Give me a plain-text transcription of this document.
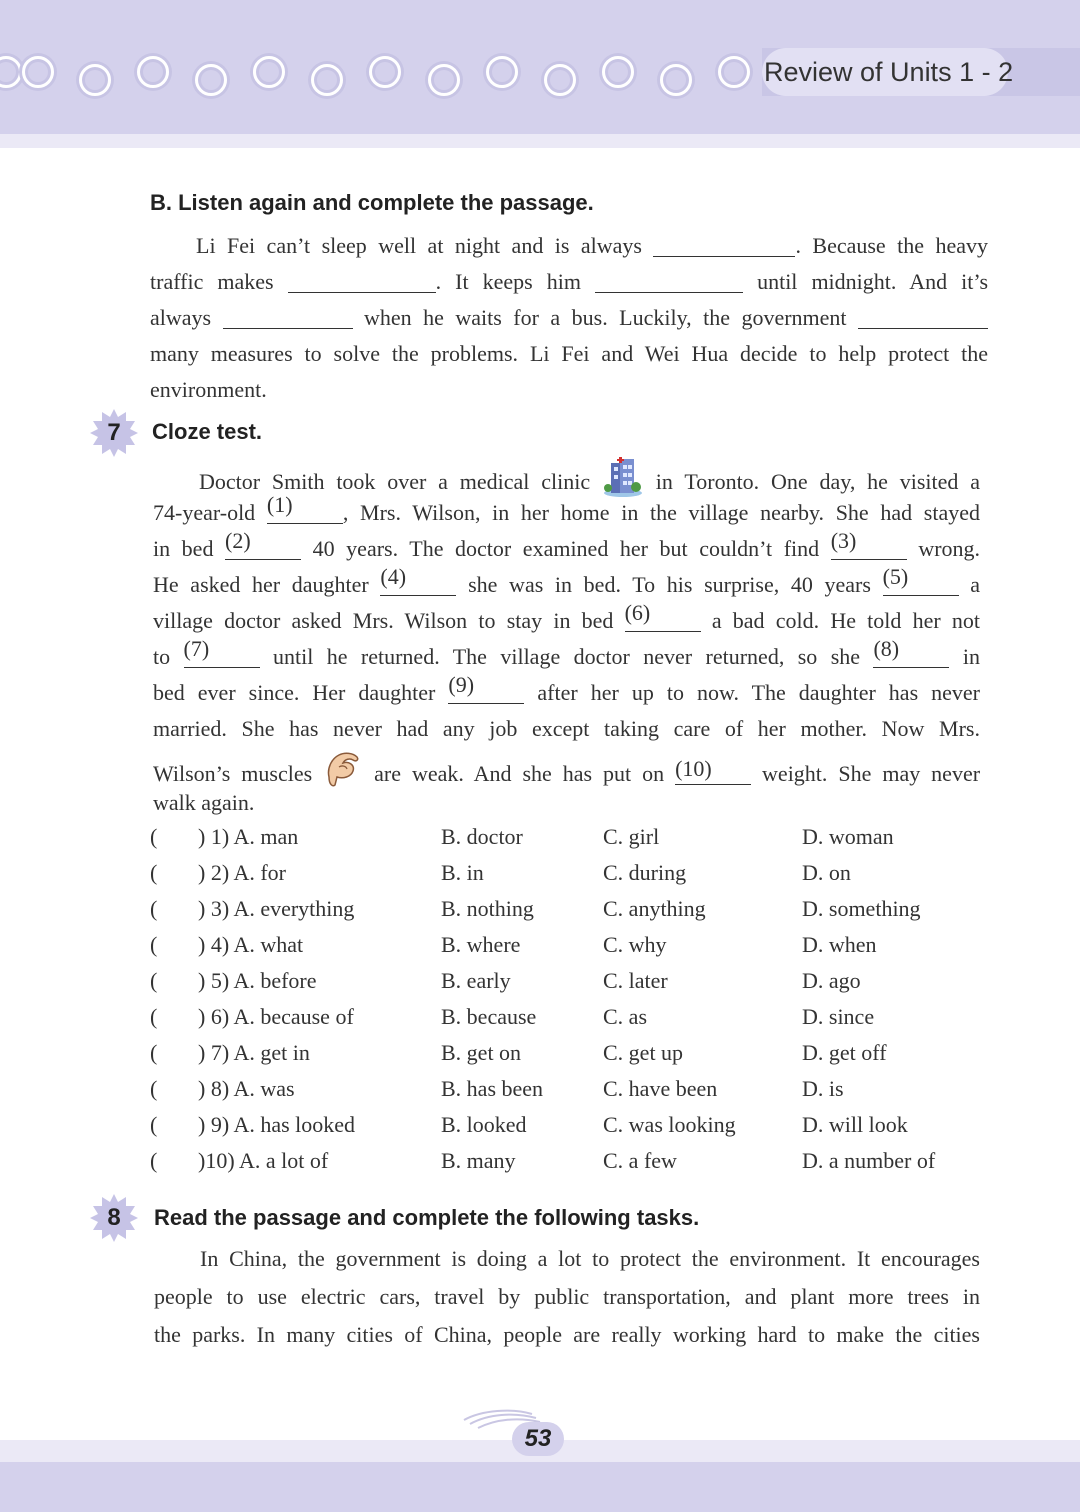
Review of Units 1 - 2
B. Listen again and complete the passage.
Li Fei can’t sleep well at night and is always	. Because the heavy
traffic makes	. It keeps him	until midnight. And it’s
always	when he waits for a bus. Luckily, the government
many measures to solve the problems. Li Fei and Wei Hua decide to help protect the
environment.
7	Cloze test.
Doctor Smith took over a medical clinic	in Toronto. One day, he visited a
74-year-old (1)	, Mrs. Wilson, in her home in the village nearby. She had stayed
in bed (2)	40 years. The doctor examined her but couldn’t find (3)	wrong.
He asked her daughter (4)	she was in bed. To his surprise, 40 years (5)	a
village doctor asked Mrs. Wilson to stay in bed (6)	a bad cold. He told her not
to (7)	until he returned. The village doctor never returned, so she (8)	in
bed ever since. Her daughter (9)	after her up to now. The daughter has never
married. She has never had any job except taking care of her mother. Now Mrs.
Wilson’s muscles	are weak. And she has put on (10)	weight. She may never
walk again.
( ) 1) A. man	B. doctor	C. girl	D. woman
( ) 2) A. for	B. in	C. during	D. on
( ) 3) A. everything	B. nothing	C. anything	D. something
( ) 4) A. what	B. where	C. why	D. when
( ) 5) A. before	B. early	C. later	D. ago
( ) 6) A. because of	B. because	C. as	D. since
( ) 7) A. get in	B. get on	C. get up	D. get off
( ) 8) A. was	B. has been	C. have been	D. is
( ) 9) A. has looked	B. looked	C. was looking	D. will look
( )10) A. a lot of	B. many	C. a few	D. a number of
8	Read the passage and complete the following tasks.
In China, the government is doing a lot to protect the environment. It encourages
people to use electric cars, travel by public transportation, and plant more trees in
the parks. In many cities of China, people are really working hard to make the cities
53
